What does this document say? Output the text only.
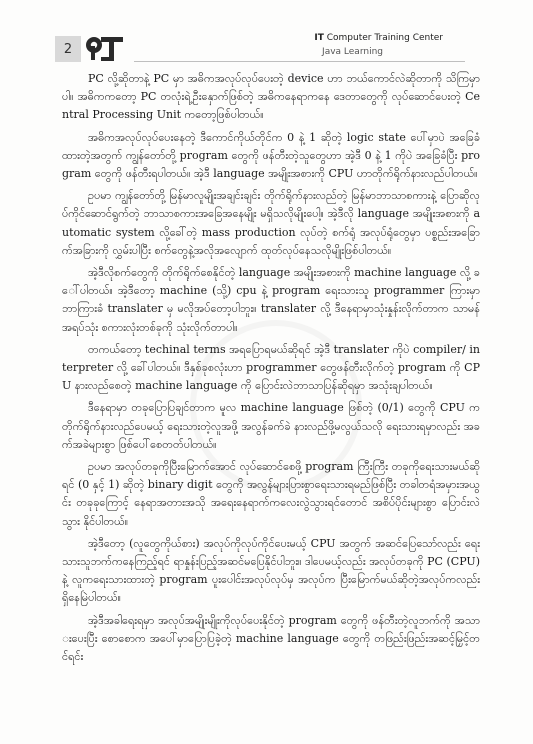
2
IT Computer Training Center
Java Learning

PC လို့ဆိုတာနဲ့ PC မှာ အဓိကအလုပ်လုပ်ပေးတဲ့ device ဟာ ဘယ်ကောင်လဲဆိုတာကို သိကြမှာပါ။ အဓိကကတော့ PC တလုံးရဲ့ဦးနှောက်ဖြစ်တဲ့ အဓိကနေရာကနေ ဒေတာတွေကို လုပ်ဆောင်ပေးတဲ့ Central Processing Unit ကတော့ဖြစ်ပါတယ်။

အဓိကအလုပ်လုပ်ပေးနေတဲ့ ဒီကောင်ကိုယ်တိုင်က 0 နဲ့ 1 ဆိုတဲ့ logic state ပေါ်မှာပဲ အခြေခံထားတဲ့အတွက် ကျွန်တော်တို့ program တွေကို ဖန်တီးတဲ့သူတွေဟာ အဲ့ဒီ 0 နဲ့ 1 ကိုပဲ အခြေခံပြီး program တွေကို ဖန်တီးရပါတယ်။ အဲ့ဒီ language အမျိုးအစားကို CPU ဟာတိုက်ရိုက်နားလည်ပါတယ်။

ဥပမာ ကျွန်တော်တို့ မြန်မာလူမျိုးအချင်းချင်း တိုက်ရိုက်နားလည်တဲ့ မြန်မာဘာသာစကားနဲ့ ပြောဆိုလုပ်ကိုင်ဆောင်ရွက်တဲ့ ဘာသာစကားအခြေအနေမျိုး မရှိသလိုမျိုးပေါ့။ အဲ့ဒီလို language အမျိုးအစားကို automatic system လို့ခေါ်တဲ့ mass production လုပ်တဲ့ စက်ရုံ အလုပ်ရုံတွေမှာ ပစ္စည်းအခြောက်အခြားကို လွှမ်းပါပြီး စက်တွေနဲ့အလိုအလျောက် ထုတ်လုပ်နေသလိုမျိုးဖြစ်ပါတယ်။

အဲ့ဒီလိုစက်တွေကို တိုက်ရိုက်စေနိုင်တဲ့ language အမျိုးအစားကို machine language လို့ ခေါ်ပါတယ်။ အဲ့ဒီတော့ machine (သို့) cpu နဲ့ program ရေးသားသူ programmer ကြားမှာ ဘာကြားခံ translater မှ မလိုအပ်တော့ပါဘူး။ translater လို့ ဒီနေရာမှာသုံးနှုန်းလိုက်တာက သာမန်အရပ်သုံး စကားလုံးတစ်ခုကို သုံးလိုက်တာပါ။

တကယ်တော့ techinal terms အရပြောရမယ်ဆိုရင် အဲ့ဒီ translater ကိုပဲ compiler/ interpreter လို့ ခေါ်ပါတယ်။ ဒီနှစ်ခုစလုံးဟာ programmer တွေဖန်တီးလိုက်တဲ့ program ကို CPU နားလည်စေတဲ့ machine language ကို ပြောင်းလဲဘာသာပြန်ဆိုရမှာ အသုံးချပါတယ်။

ဒီနေရာမှာ တခုပြောပြချင်တာက မူလ machine language ဖြစ်တဲ့ (0/1) တွေကို CPU က တိုက်ရိုက်နားလည်ပေမယ့် ရေးသားတဲ့လူအဖို့ အလွန်ခက်ခဲ နားလည်ဖို့မလွယ်သလို ရေးသားရမှာလည်း အခက်အခဲများစွာ ဖြစ်ပေါ်စေတတ်ပါတယ်။

ဥပမာ အလုပ်တခုကိုပြီးမြောက်အောင် လုပ်ဆောင်စေဖို့ program ကြီးကြီး တခုကိုရေးသားမယ်ဆိုရင် (0 နှင့် 1) ဆိုတဲ့ binary digit တွေကို အလွန်များပြားစွာရေးသားရမည်ဖြစ်ပြီး တခါတရံအမှားအယွင်း တခုခုကြောင့် နေရာအတားအသို အရေးနေရာက်ကလေးလွဲသွားရင်တောင် အစိပ်ပိုင်းများစွာ ပြောင်းလဲသွား နိုင်ပါတယ်။

အဲ့ဒီတော့ (လူတွေကိုယ်စား) အလုပ်ကိုလုပ်ကိုင်ပေးမယ့် CPU အတွက် အဆင်ပြေသော်လည်း ရေးသားသူဘက်ကနေကြည့်ရင် ရာနှုန်းပြည့်အဆင်မပြေနိုင်ပါဘူး။ ဒါပေမယ့်လည်း အလုပ်တခုကို PC (CPU) နဲ့ လူကရေးသားထားတဲ့ program ပူးပေါင်းအလုပ်လုပ်မှ အလုပ်က ပြီးမြောက်မယ်ဆိုတဲ့အလုပ်ကလည်း ရှိနေမြဲပါတယ်။

အဲ့ဒီအခါရေးရမှာ အလုပ်အမျိုးမျိုးကိုလုပ်ပေးနိုင်တဲ့ program တွေကို ဖန်တီးတဲ့လူဘက်ကို အသားပေးပြီး စောစောက အပေါ်မှာပြောပြခဲ့တဲ့ machine language တွေကို တဖြည်းဖြည်းအဆင့်မြှင့်တင်ရင်း
